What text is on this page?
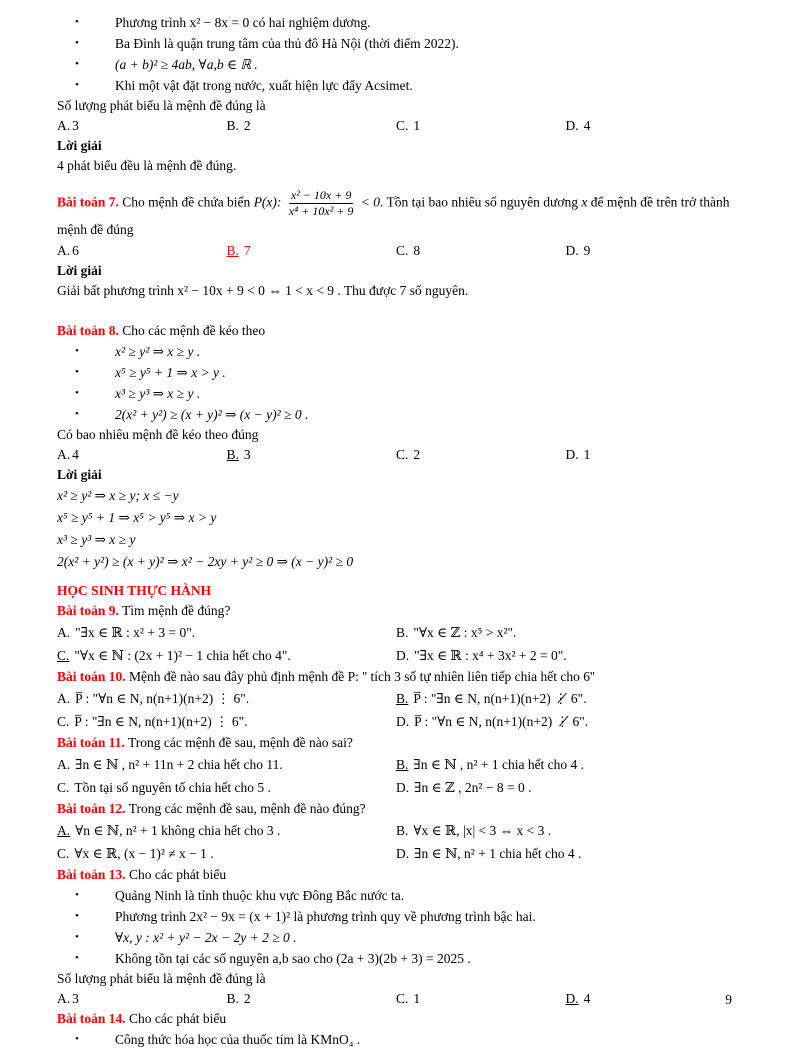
•	Phương trình x² − 8x = 0 có hai nghiệm dương.
•	Ba Đình là quận trung tâm của thủ đô Hà Nội (thời điểm 2022).
•	(a + b)² ≥ 4ab, ∀a,b ∈ ℝ .
•	Khi một vật đặt trong nước, xuất hiện lực đẩy Acsimet.
Số lượng phát biểu là mệnh đề đúng là
A. 3	B. 2	C. 1	D. 4
Lời giải
4 phát biểu đều là mệnh đề đúng.
Bài toán 7. Cho mệnh đề chứa biến P(x): $\frac{\text{x² − 10x + 9}}{\text{x⁴ + 10x² + 9}} < 0$. Tồn tại bao nhiêu số nguyên dương x để mệnh đề trên trở thành mệnh đề đúng
A. 6	B. 7	C. 8	D. 9
Lời giải
Giải bất phương trình x² − 10x + 9 < 0 ⇔ 1 < x < 9 . Thu được 7 số nguyên.
Bài toán 8. Cho các mệnh đề kéo theo
•	x² ≥ y² ⇒ x ≥ y .
•	x⁵ ≥ y⁵ + 1 ⇒ x > y .
•	x³ ≥ y³ ⇒ x ≥ y .
•	2(x² + y²) ≥ (x + y)² ⇒ (x − y)² ≥ 0 .
Có bao nhiêu mệnh đề kéo theo đúng
A. 4	B. 3	C. 2	D. 1
Lời giải
x² ≥ y² ⇒ x ≥ y; x ≤ −y
x⁵ ≥ y⁵ + 1 ⇒ x⁵ > y⁵ ⇒ x > y
x³ ≥ y³ ⇒ x ≥ y
2(x² + y²) ≥ (x + y)² ⇒ x² − 2xy + y² ≥ 0 ⇒ (x − y)² ≥ 0
HỌC SINH THỰC HÀNH
Bài toán 9. Tìm mệnh đề đúng?
A. "∃x ∈ ℝ : x² + 3 = 0".	B. "∀x ∈ ℤ : x⁵ > x²".
C. "∀x ∈ ℕ : (2x + 1)² − 1 chia hết cho 4".	D. "∃x ∈ ℝ : x⁴ + 3x² + 2 = 0".
Bài toán 10. Mệnh đề nào sau đây phủ định mệnh đề P: '' tích 3 số tự nhiên liên tiếp chia hết cho 6''
A. P̅ : "∀n ∈ N, n(n+1)(n+2) ⋮ 6".	B. P̅ : "∃n ∈ N, n(n+1)(n+2) ⋮̸ 6".
C. P̅ : "∃n ∈ N, n(n+1)(n+2) ⋮ 6".	D. P̅ : "∀n ∈ N, n(n+1)(n+2) ⋮̸ 6".
Bài toán 11. Trong các mệnh đề sau, mệnh đề nào sai?
A. ∃n ∈ ℕ , n² + 11n + 2 chia hết cho 11.	B. ∃n ∈ ℕ , n² + 1 chia hết cho 4 .
C. Tồn tại số nguyên tố chia hết cho 5 .	D. ∃n ∈ ℤ , 2n² − 8 = 0 .
Bài toán 12. Trong các mệnh đề sau, mệnh đề nào đúng?
A. ∀n ∈ ℕ, n² + 1 không chia hết cho 3 .	B. ∀x ∈ ℝ, |x| < 3 ⇔ x < 3 .
C. ∀x ∈ ℝ, (x − 1)² ≠ x − 1 .	D. ∃n ∈ ℕ, n² + 1 chia hết cho 4 .
Bài toán 13. Cho các phát biểu
•	Quảng Ninh là tỉnh thuộc khu vực Đông Bắc nước ta.
•	Phương trình 2x² − 9x = (x + 1)² là phương trình quy về phương trình bậc hai.
•	∀x, y : x² + y² − 2x − 2y + 2 ≥ 0 .
•	Không tồn tại các số nguyên a,b sao cho (2a + 3)(2b + 3) = 2025 .
Số lượng phát biểu là mệnh đề đúng là
A. 3	B. 2	C. 1	D. 4
Bài toán 14. Cho các phát biểu
•	Công thức hóa học của thuốc tím là KMnO₄ .
9
